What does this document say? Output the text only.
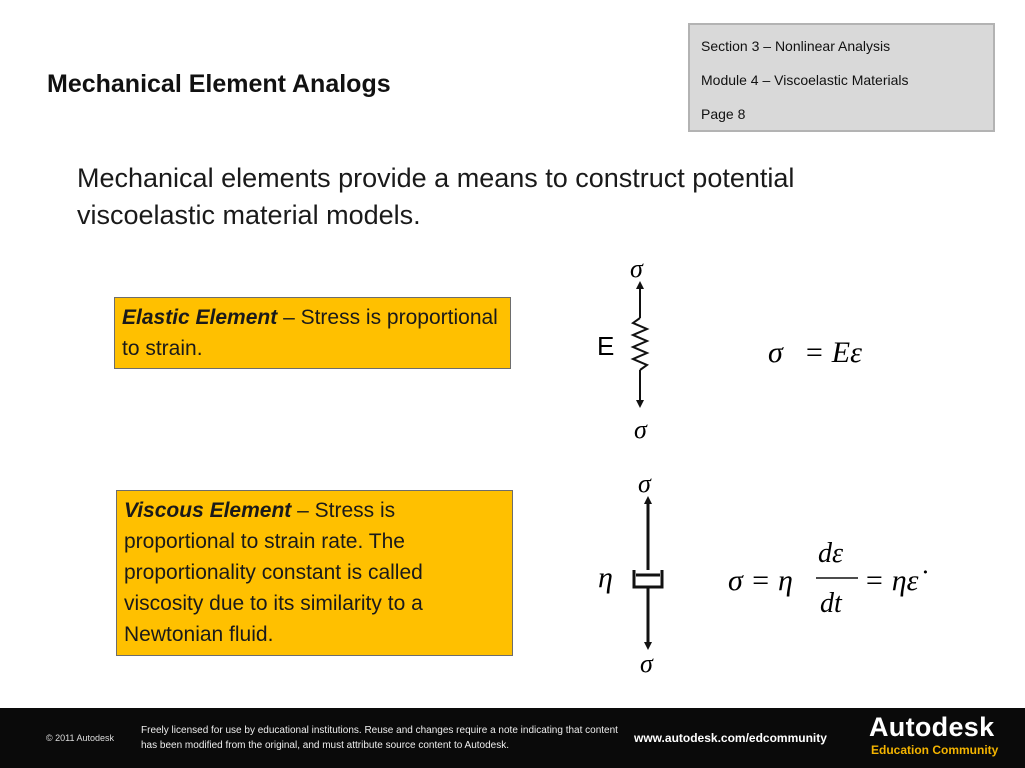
Mechanical Element Analogs
Section 3 – Nonlinear Analysis
Module 4 – Viscoelastic Materials
Page 8
Mechanical elements provide a means to construct potential viscoelastic material models.
Elastic Element – Stress is proportional to strain.
Viscous Element – Stress is proportional to strain rate. The proportionality constant is called viscosity due to its similarity to a Newtonian fluid.
σ
σ
E	σ = Eε
σ
σ
η	σ = η
dε
dt
= ηε̇
© 2011 Autodesk
Freely licensed for use by educational institutions. Reuse and changes require a note indicating that content has been modified from the original, and must attribute source content to Autodesk.
www.autodesk.com/edcommunity Autodesk
Education Community
